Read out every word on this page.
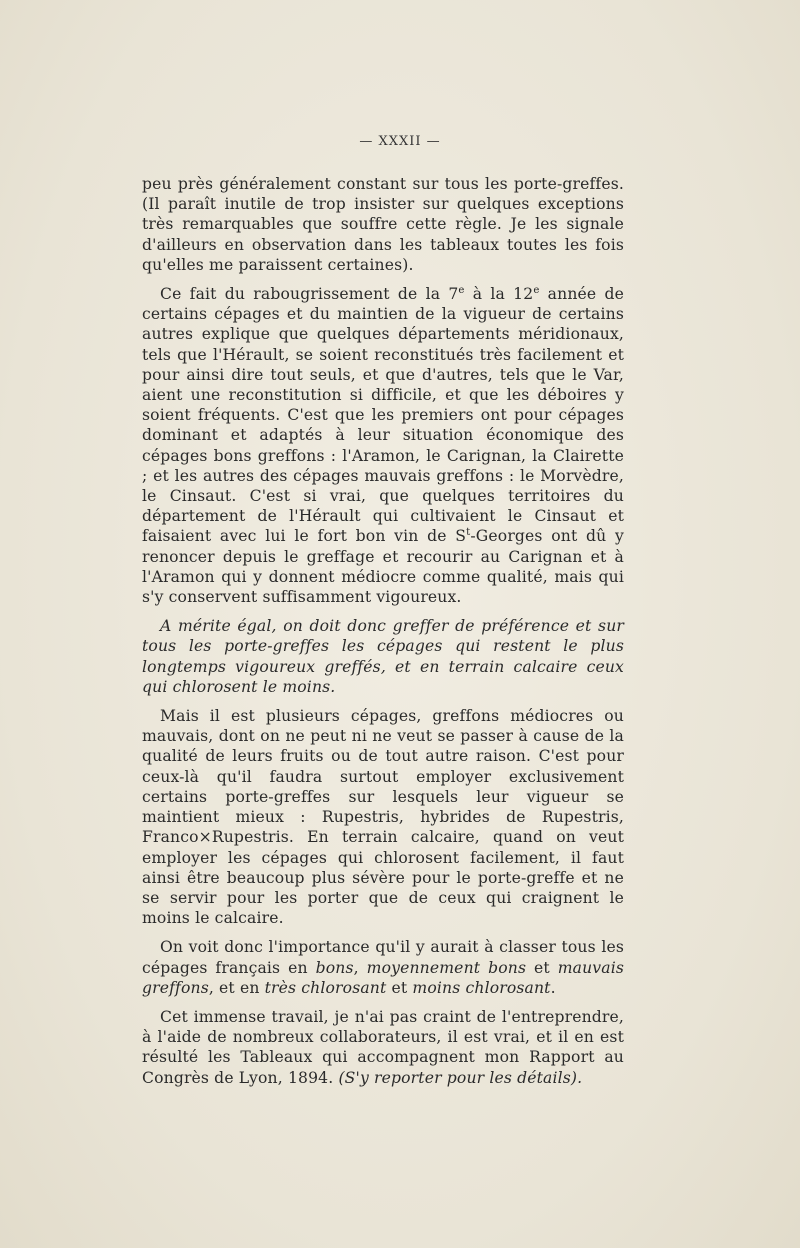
— XXXII —

peu près généralement constant sur tous les porte-greffes. (Il paraît inutile de trop insister sur quelques exceptions très remarquables que souffre cette règle. Je les signale d'ailleurs en observation dans les tableaux toutes les fois qu'elles me paraissent certaines).

Ce fait du rabougrissement de la 7e à la 12e année de certains cépages et du maintien de la vigueur de certains autres explique que quelques départements méridionaux, tels que l'Hérault, se soient reconstitués très facilement et pour ainsi dire tout seuls, et que d'autres, tels que le Var, aient une reconstitution si difficile, et que les déboires y soient fréquents. C'est que les premiers ont pour cépages dominant et adaptés à leur situation économique des cépages bons greffons : l'Aramon, le Carignan, la Clairette ; et les autres des cépages mauvais greffons : le Morvèdre, le Cinsaut. C'est si vrai, que quelques territoires du département de l'Hérault qui cultivaient le Cinsaut et faisaient avec lui le fort bon vin de $S^t$-Georges ont dû y renoncer depuis le greffage et recourir au Carignan et à l'Aramon qui y donnent médiocre comme qualité, mais qui s'y conservent suffisamment vigoureux.

A mérite égal, on doit donc greffer de préférence et sur tous les porte-greffes les cépages qui restent le plus longtemps vigoureux greffés, et en terrain calcaire ceux qui chlorosent le moins.

Mais il est plusieurs cépages, greffons médiocres ou mauvais, dont on ne peut ni ne veut se passer à cause de la qualité de leurs fruits ou de tout autre raison. C'est pour ceux-là qu'il faudra surtout employer exclusivement certains porte-greffes sur lesquels leur vigueur se maintient mieux : Rupestris, hybrides de Rupestris, Franco×Rupestris. En terrain calcaire, quand on veut employer les cépages qui chlorosent facilement, il faut ainsi être beaucoup plus sévère pour le porte-greffe et ne se servir pour les porter que de ceux qui craignent le moins le calcaire.

On voit donc l'importance qu'il y aurait à classer tous les cépages français en bons, moyennement bons et mauvais greffons, et en très chlorosant et moins chlorosant.

Cet immense travail, je n'ai pas craint de l'entreprendre, à l'aide de nombreux collaborateurs, il est vrai, et il en est résulté les Tableaux qui accompagnent mon Rapport au Congrès de Lyon, 1894. (S'y reporter pour les détails).
